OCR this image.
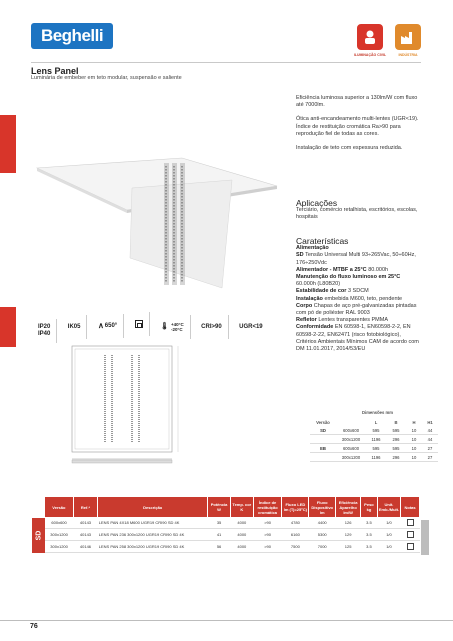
Beghelli
ILUMINAÇÃO CIVIL	INDÚSTRIA
Lens Panel
Luminária de embeber em teto modular, suspensão e saliente
IP20
IP40

IK05
∧ 650°

	🌡 +40°C
-20°C
	CRI>90
	UGR<19
Eficiência luminosa superior a 130lm/W com fluxo até 7000lm.
Ótica anti-encandeamento multi-lentes (UGR<19). Índice de restituição cromática Ra>90 para reprodução fiel de todas as cores.
Instalação de teto com espessura reduzida.
Aplicações
Terciário, comércio retalhista, escritórios, escolas, hospitais
Caraterísticas
Alimentação
SD Tensão Universal Multi 93÷265Vac, 50÷60Hz, 176÷250Vdc
Alimentador - MTBF a 25°C 80.000h
Manutenção do fluxo luminoso em 25°C 60.000h (L80B20)
Estabilidade de cor 3 SDCM
Instalação embebida M600, teto, pendente
Corpo Chapas de aço pré-galvanizadas pintadas com pó de poliéster RAL 9003
Refletor Lentes transparentes PMMA
Conformidade EN 60598-1, EN60598-2-2, EN 60598-2-22, EN62471 (risco fotobiológico), Critérios Ambientais Mínimos CAM de acordo com DM 11.01.2017, 2014/53/EU
Dimensões mm
Versão		L	B	H	H1
SD	600x600	595	595	10	44
	300x1200	1196	296	10	44
EB	600x600	595	595	10	27
	300x1200	1196	296	10	27
SD
Versão	Ref.*	Descrição	Potência W	Temp. cor K	Índice de restituição cromática	Fluxo LED lm (Tj=25°C)	Fluxo Dispositivo lm	Eficiência Aparelho lm/W	Peso kg	Unit. Emb./Mult.	Notas
600x600	40143	LENS PAN 4X18 M600 UGR19 CRI90 SD 4K	35	4000	>90	4780	4400	126	3.5	1/0	
300x1200	40143	LENS PAN 236 300x1200 UGR19 CRI90 SD 4K	41	4000	>90	6160	5300	129	3.5	1/0	
300x1200	40146	LENS PAN 258 300x1200 UGR19 CRI90 SD 4K	56	4000	>90	7500	7000	125	3.5	1/0	
76
